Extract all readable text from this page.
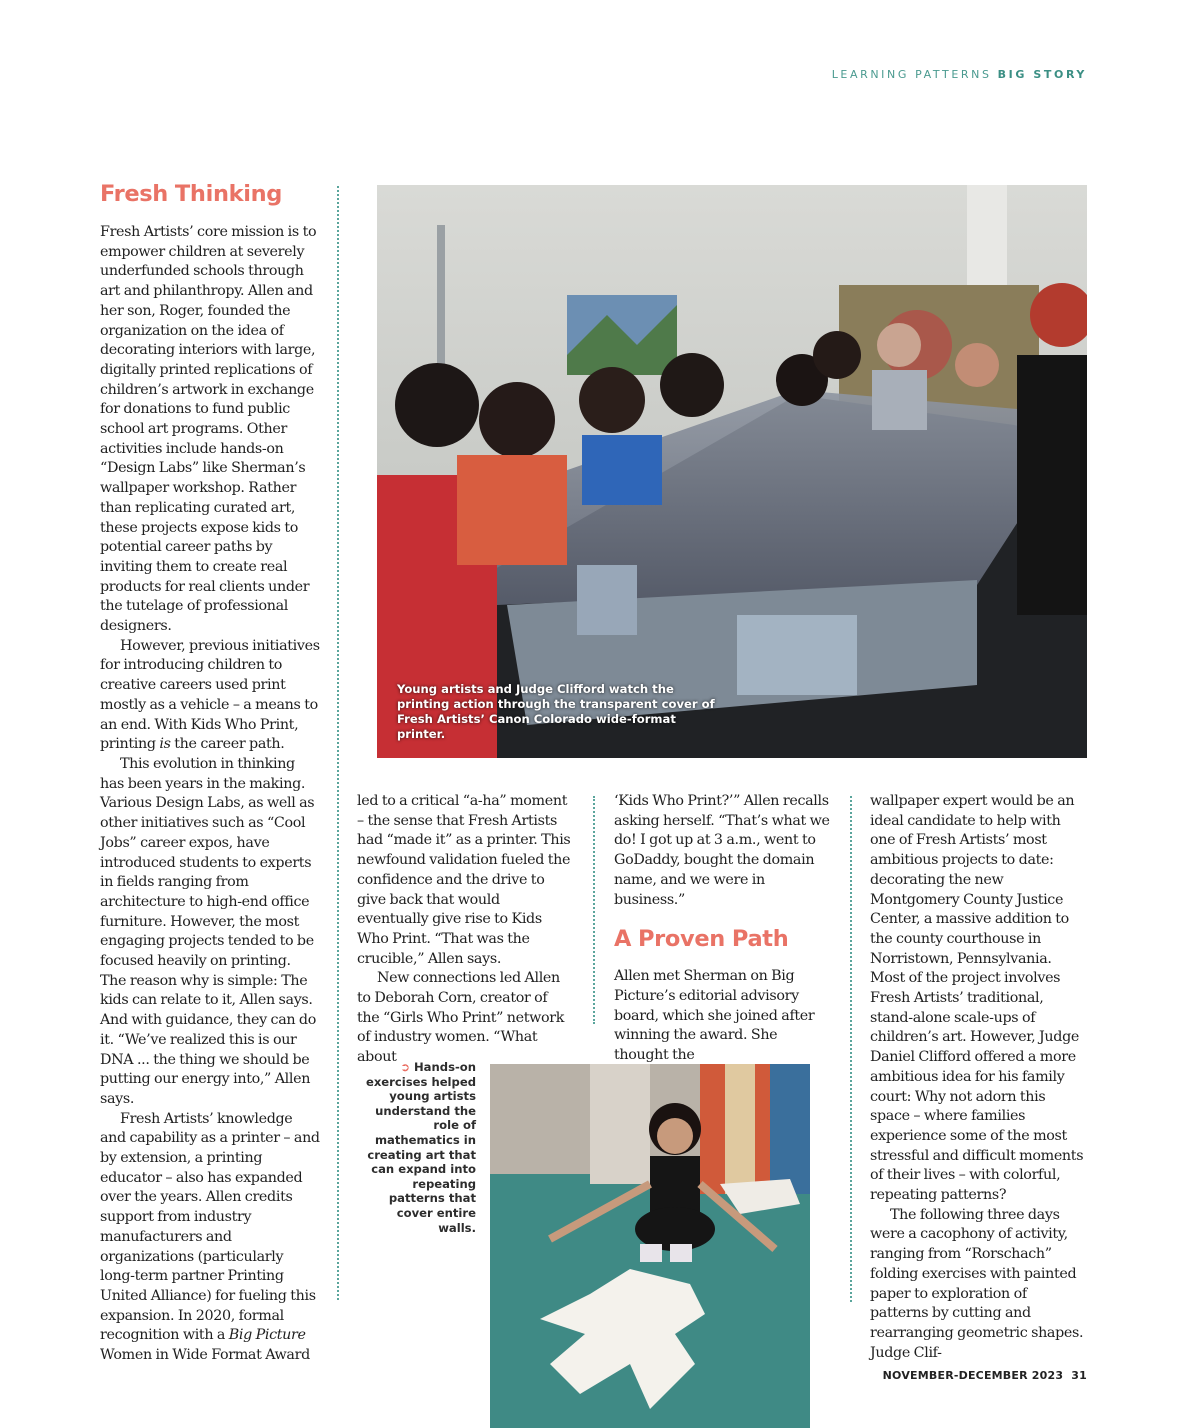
LEARNING PATTERNS BIG STORY
Fresh Thinking

Fresh Artists’ core mission is to empower children at severely underfunded schools through art and philanthropy. Allen and her son, Roger, founded the organization on the idea of decorating interiors with large, digitally printed replications of children’s artwork in exchange for donations to fund public school art programs. Other activities include hands-on “Design Labs” like Sherman’s wallpaper workshop. Rather than replicating curated art, these projects expose kids to potential career paths by inviting them to create real products for real clients under the tutelage of professional designers.

However, previous initiatives for introducing children to creative careers used print mostly as a vehicle – a means to an end. With Kids Who Print, printing is the career path.

This evolution in thinking has been years in the making. Various Design Labs, as well as other initiatives such as “Cool Jobs” career expos, have introduced students to experts in fields ranging from architecture to high-end office furniture. However, the most engaging projects tended to be focused heavily on printing. The reason why is simple: The kids can relate to it, Allen says. And with guidance, they can do it. “We’ve realized this is our DNA ... the thing we should be putting our energy into,” Allen says.

Fresh Artists’ knowledge and capability as a printer – and by extension, a printing educator – also has expanded over the years. Allen credits support from industry manufacturers and organizations (particularly long-term partner Printing United Alliance) for fueling this expansion. In 2020, formal recognition with a Big Picture Women in Wide Format Award

Young artists and Judge Clifford watch the printing action through the transparent cover of Fresh Artists’ Canon Colorado wide-format printer.

led to a critical “a-ha” moment – the sense that Fresh Artists had “made it” as a printer. This newfound validation fueled the confidence and the drive to give back that would eventually give rise to Kids Who Print. “That was the crucible,” Allen says.

New connections led Allen to Deborah Corn, creator of the “Girls Who Print” network of industry women. “What about

‘Kids Who Print?’” Allen recalls asking herself. “That’s what we do! I got up at 3 a.m., went to GoDaddy, bought the domain name, and we were in business.”

A Proven Path

Allen met Sherman on Big Picture’s editorial advisory board, which she joined after winning the award. She thought the

wallpaper expert would be an ideal candidate to help with one of Fresh Artists’ most ambitious projects to date: decorating the new Montgomery County Justice Center, a massive addition to the county courthouse in Norristown, Pennsylvania. Most of the project involves Fresh Artists’ traditional, stand-alone scale-ups of children’s art. However, Judge Daniel Clifford offered a more ambitious idea for his family court: Why not adorn this space – where families experience some of the most stressful and difficult moments of their lives – with colorful, repeating patterns?

The following three days were a cacophony of activity, ranging from “Rorschach” folding exercises with painted paper to exploration of patterns by cutting and rearranging geometric shapes. Judge Clif-

➲ Hands-on exercises helped young artists understand the role of mathematics in creating art that can expand into repeating patterns that cover entire walls.
NOVEMBER-DECEMBER 2023 31
